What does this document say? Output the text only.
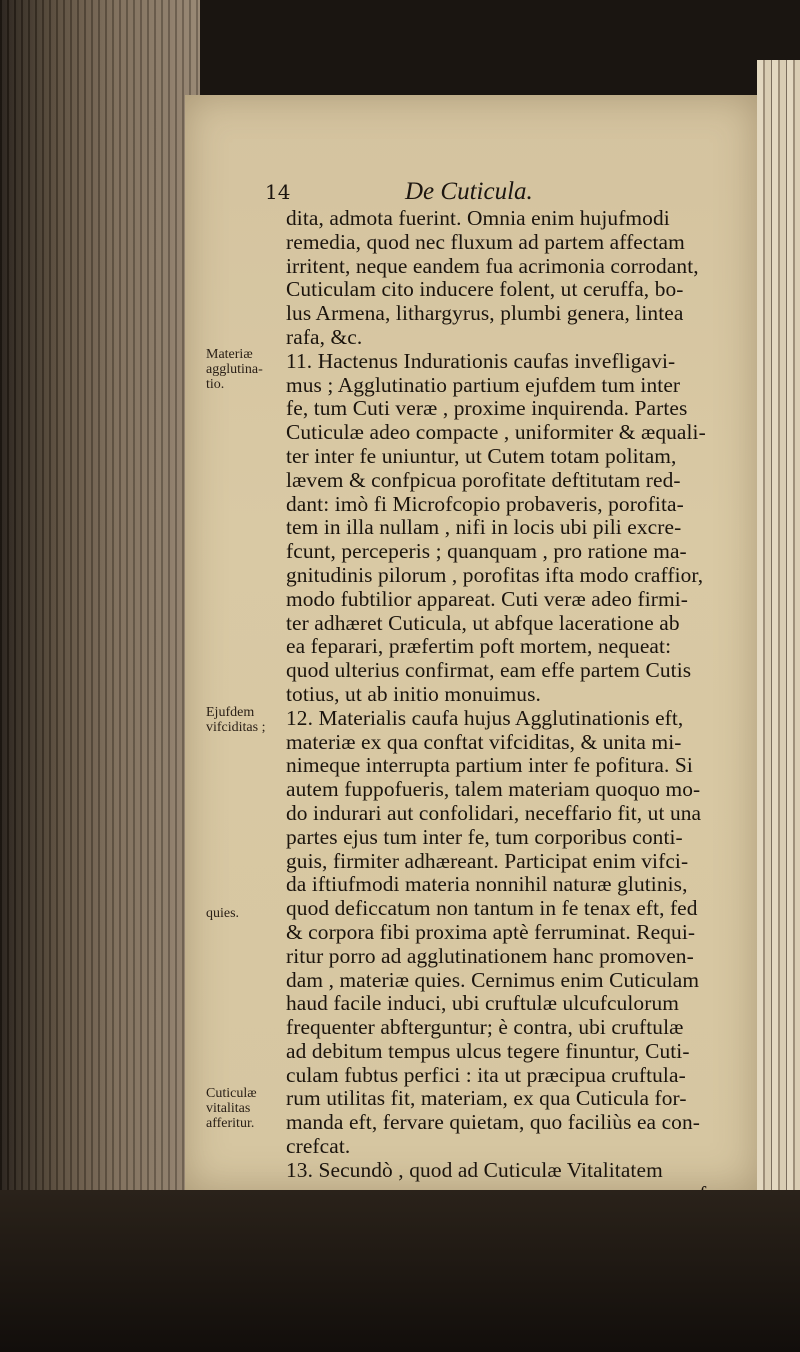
14	De Cuticula.
Materiæ
agglutina-
tio.
Ejufdem
vifciditas ;
quies.
Cuticulæ
vitalitas
afferitur.
dita, admota fuerint. Omnia enim hujufmodi
remedia, quod nec fluxum ad partem affectam
irritent, neque eandem fua acrimonia corrodant,
Cuticulam cito inducere folent, ut ceruffa, bo-
lus Armena, lithargyrus, plumbi genera, lintea
rafa, &c.
11. Hactenus Indurationis caufas invefligavi-
mus ; Agglutinatio partium ejufdem tum inter
fe, tum Cuti veræ , proxime inquirenda. Partes
Cuticulæ adeo compacte , uniformiter & æquali-
ter inter fe uniuntur, ut Cutem totam politam,
lævem & confpicua porofitate deftitutam red-
dant: imò fi Microfcopio probaveris, porofita-
tem in illa nullam , nifi in locis ubi pili excre-
fcunt, perceperis ; quanquam , pro ratione ma-
gnitudinis pilorum , porofitas ifta modo craffior,
modo fubtilior appareat. Cuti veræ adeo firmi-
ter adhæret Cuticula, ut abfque laceratione ab
ea feparari, præfertim poft mortem, nequeat:
quod ulterius confirmat, eam effe partem Cutis
totius, ut ab initio monuimus.
12. Materialis caufa hujus Agglutinationis eft,
materiæ ex qua conftat vifciditas, & unita mi-
nimeque interrupta partium inter fe pofitura. Si
autem fuppofueris, talem materiam quoquo mo-
do indurari aut confolidari, neceffario fit, ut una
partes ejus tum inter fe, tum corporibus conti-
guis, firmiter adhæreant. Participat enim vifci-
da iftiufmodi materia nonnihil naturæ glutinis,
quod deficcatum non tantum in fe tenax eft, fed
& corpora fibi proxima aptè ferruminat. Requi-
ritur porro ad agglutinationem hanc promoven-
dam , materiæ quies. Cernimus enim Cuticulam
haud facile induci, ubi cruftulæ ulcufculorum
frequenter abfterguntur; è contra, ubi cruftulæ
ad debitum tempus ulcus tegere finuntur, Cuti-
culam fubtus perfici : ita ut præcipua cruftula-
rum utilitas fit, materiam, ex qua Cuticula for-
manda eft, fervare quietam, quo faciliùs ea con-
crefcat.
13. Secundò , quod ad Cuticulæ Vitalitatem
